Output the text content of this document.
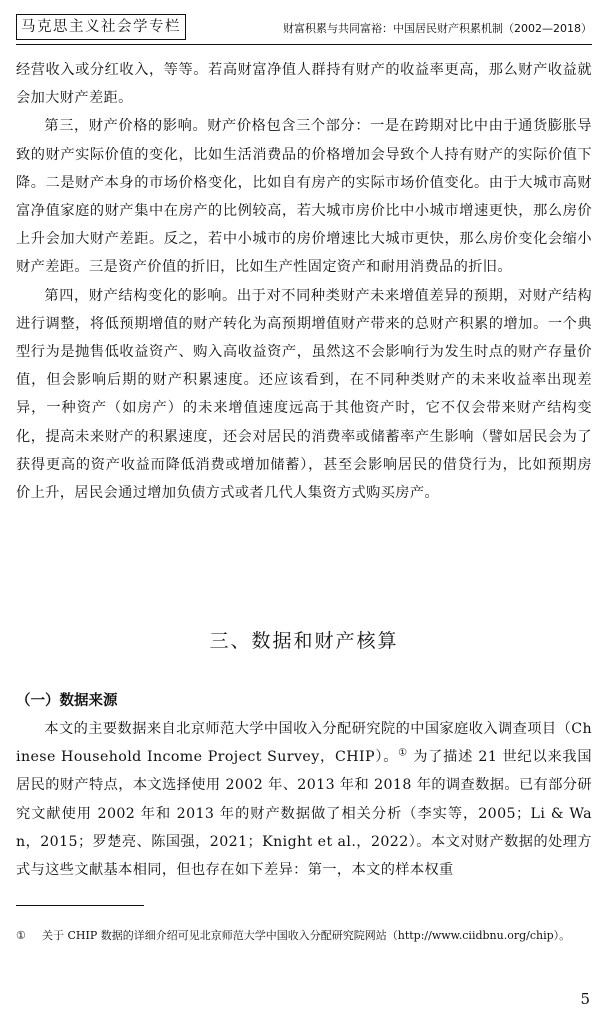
马克思主义社会学专栏	财富积累与共同富裕：中国居民财产积累机制（2002—2018）

经营收入或分红收入，等等。若高财富净值人群持有财产的收益率更高，那么财产收益就会加大财产差距。

第三，财产价格的影响。财产价格包含三个部分：一是在跨期对比中由于通货膨胀导致的财产实际价值的变化，比如生活消费品的价格增加会导致个人持有财产的实际价值下降。二是财产本身的市场价格变化，比如自有房产的实际市场价值变化。由于大城市高财富净值家庭的财产集中在房产的比例较高，若大城市房价比中小城市增速更快，那么房价上升会加大财产差距。反之，若中小城市的房价增速比大城市更快，那么房价变化会缩小财产差距。三是资产价值的折旧，比如生产性固定资产和耐用消费品的折旧。

第四，财产结构变化的影响。出于对不同种类财产未来增值差异的预期，对财产结构进行调整，将低预期增值的财产转化为高预期增值财产带来的总财产积累的增加。一个典型行为是抛售低收益资产、购入高收益资产，虽然这不会影响行为发生时点的财产存量价值，但会影响后期的财产积累速度。还应该看到，在不同种类财产的未来收益率出现差异，一种资产（如房产）的未来增值速度远高于其他资产时，它不仅会带来财产结构变化，提高未来财产的积累速度，还会对居民的消费率或储蓄率产生影响（譬如居民会为了获得更高的资产收益而降低消费或增加储蓄），甚至会影响居民的借贷行为，比如预期房价上升，居民会通过增加负债方式或者几代人集资方式购买房产。

三、数据和财产核算
（一）数据来源

本文的主要数据来自北京师范大学中国收入分配研究院的中国家庭收入调查项目（Chinese Household Income Project Survey，CHIP）。① 为了描述 21 世纪以来我国居民的财产特点，本文选择使用 2002 年、2013 年和 2018 年的调查数据。已有部分研究文献使用 2002 年和 2013 年的财产数据做了相关分析（李实等，2005；Li & Wan，2015；罗楚亮、陈国强，2021；Knight et al.，2022）。本文对财产数据的处理方式与这些文献基本相同，但也存在如下差异：第一，本文的样本权重

① 关于 CHIP 数据的详细介绍可见北京师范大学中国收入分配研究院网站（http://www.ciidbnu.org/chip）。
5
